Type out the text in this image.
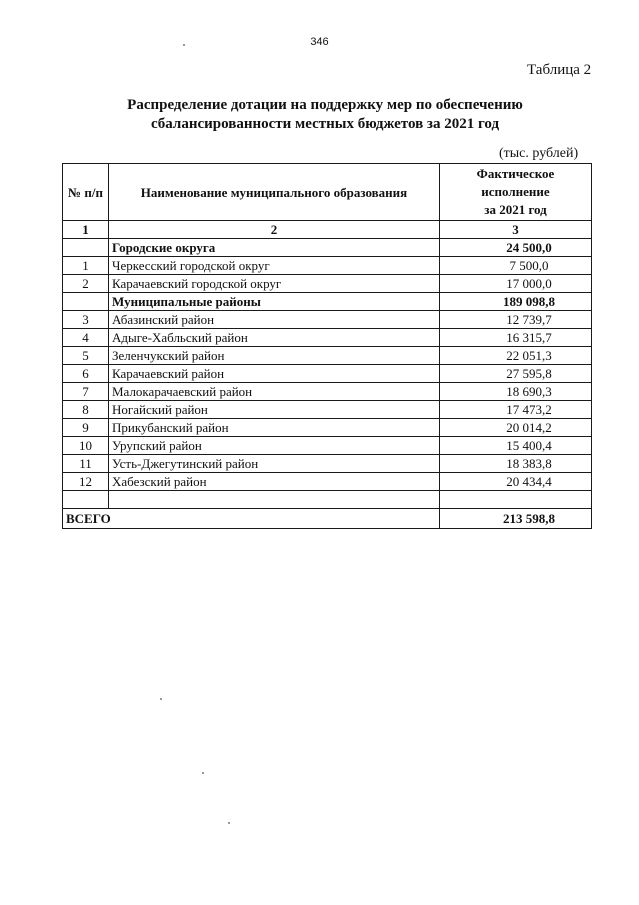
346
Таблица 2
Распределение дотации на поддержку мер по обеспечению
сбалансированности местных бюджетов за 2021 год
(тыс. рублей)
№ п/п	Наименование муниципального образования	Фактическое
исполнение
за 2021 год

1	2	3
	Городские округа	24 500,0
1	Черкесский городской округ	7 500,0
2	Карачаевский городской округ	17 000,0
	Муниципальные районы	189 098,8
3	Абазинский район	12 739,7
4	Адыге-Хабльский район	16 315,7
5	Зеленчукский район	22 051,3
6	Карачаевский район	27 595,8
7	Малокарачаевский район	18 690,3
8	Ногайский район	17 473,2
9	Прикубанский район	20 014,2
10	Урупский район	15 400,4
11	Усть-Джегутинский район	18 383,8
12	Хабезский район	20 434,4

ВСЕГО		213 598,8
